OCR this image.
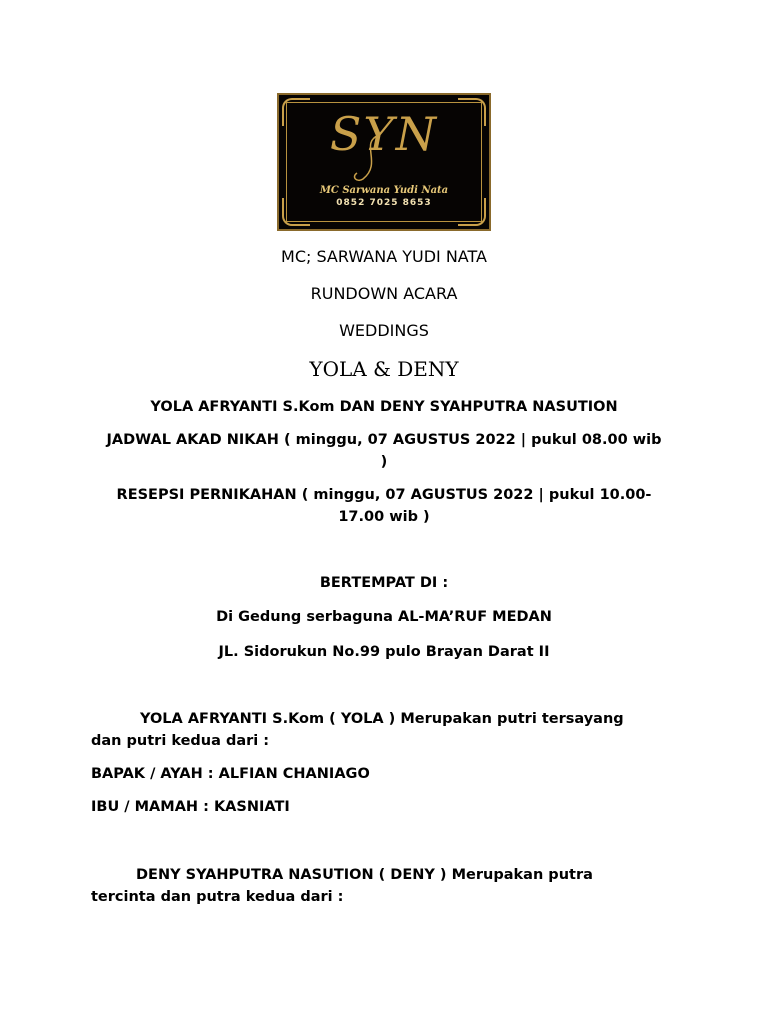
SYN
MC Sarwana Yudi Nata
0852 7025 8653
MC; SARWANA YUDI NATA
RUNDOWN ACARA
WEDDINGS
YOLA & DENY
YOLA AFRYANTI S.Kom DAN DENY SYAHPUTRA NASUTION
JADWAL AKAD NIKAH ( minggu, 07 AGUSTUS 2022 | pukul 08.00 wib
)
RESEPSI PERNIKAHAN ( minggu, 07 AGUSTUS 2022 | pukul 10.00-
17.00 wib )
BERTEMPAT DI :
Di Gedung serbaguna AL-MA’RUF MEDAN
JL. Sidorukun No.99 pulo Brayan Darat II
YOLA AFRYANTI S.Kom ( YOLA ) Merupakan putri tersayang
dan putri kedua dari :
BAPAK / AYAH : ALFIAN CHANIAGO
IBU / MAMAH : KASNIATI
DENY SYAHPUTRA NASUTION ( DENY ) Merupakan putra
tercinta dan putra kedua dari :
